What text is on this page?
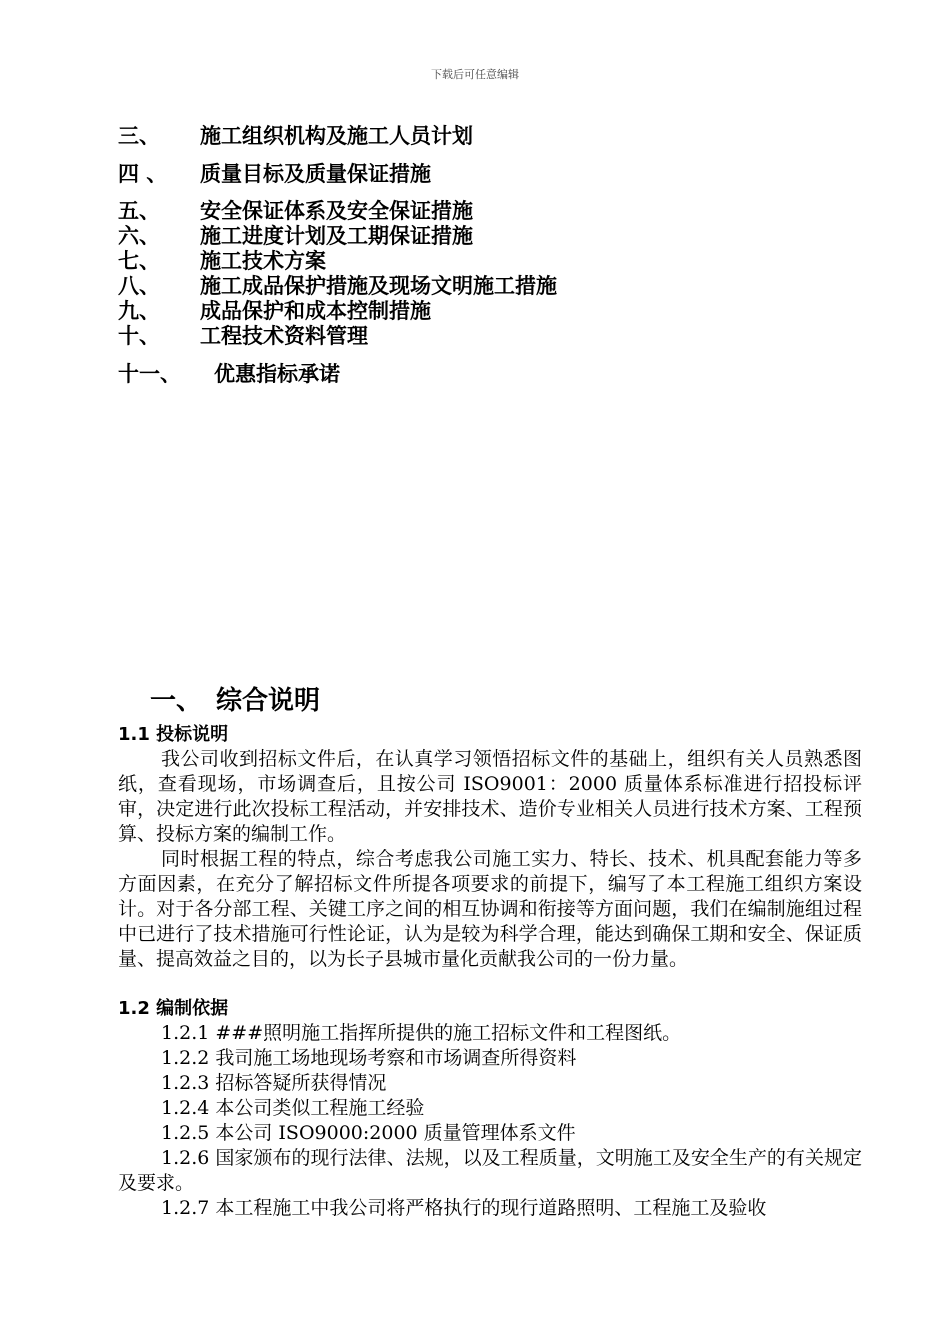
下载后可任意编辑
三、 施工组织机构及施工人员计划
四 、 质量目标及质量保证措施
五、 安全保证体系及安全保证措施
六、 施工进度计划及工期保证措施
七、 施工技术方案
八、 施工成品保护措施及现场文明施工措施
九、 成品保护和成本控制措施
十、 工程技术资料管理
十一、 优惠指标承诺
一、 综合说明
1.1 投标说明
我公司收到招标文件后，在认真学习领悟招标文件的基础上，组织有关人员熟悉图纸，查看现场，市场调查后，且按公司 ISO9001：2000 质量体系标准进行招投标评审，决定进行此次投标工程活动，并安排技术、造价专业相关人员进行技术方案、工程预算、投标方案的编制工作。
同时根据工程的特点，综合考虑我公司施工实力、特长、技术、机具配套能力等多方面因素，在充分了解招标文件所提各项要求的前提下，编写了本工程施工组织方案设计。对于各分部工程、关键工序之间的相互协调和衔接等方面问题，我们在编制施组过程中已进行了技术措施可行性论证，认为是较为科学合理，能达到确保工期和安全、保证质量、提高效益之目的，以为长子县城市量化贡献我公司的一份力量。
1.2 编制依据
1.2.1 ###照明施工指挥所提供的施工招标文件和工程图纸。
1.2.2 我司施工场地现场考察和市场调查所得资料
1.2.3 招标答疑所获得情况
1.2.4 本公司类似工程施工经验
1.2.5 本公司 ISO9000:2000 质量管理体系文件
1.2.6 国家颁布的现行法律、法规，以及工程质量，文明施工及安全生产的有关规定及要求。
1.2.7 本工程施工中我公司将严格执行的现行道路照明、工程施工及验收
